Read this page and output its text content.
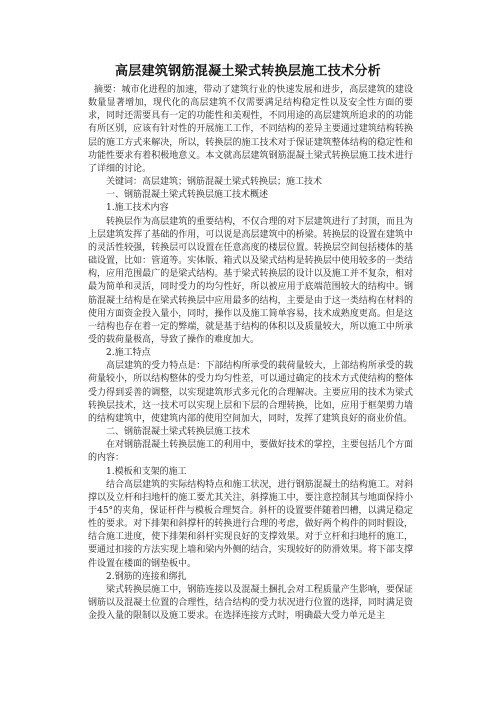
高层建筑钢筋混凝土梁式转换层施工技术分析

摘要：城市化进程的加速，带动了建筑行业的快速发展和进步，高层建筑的建设数量显著增加，现代化的高层建筑不仅需要满足结构稳定性以及安全性方面的要求，同时还需要具有一定的功能性和美观性，不同用途的高层建筑所追求的的功能有所区别，应该有针对性的开展施工工作，不同结构的差异主要通过建筑结构转换层的施工方式来解决，所以，转换层的施工技术对于保证建筑整体结构的稳定性和功能性要求有着积极地意义。本文就高层建筑钢筋混凝土梁式转换层施工技术进行了详细的讨论。

关键词：高层建筑；钢筋混凝土梁式转换层；施工技术

一、钢筋混凝土梁式转换层施工技术概述

1.施工技术内容

转换层作为高层建筑的重要结构，不仅合理的对下层建筑进行了封顶，而且为上层建筑发挥了基础的作用，可以说是高层建筑中的桥梁。转换层的设置在建筑中的灵活性较强，转换层可以设置在任意高度的楼层位置。转换层空间包括楼体的基础设置，比如：管道等。实体版、箱式以及梁式结构是转换层中使用较多的一类结构，应用范围最广的是梁式结构。基于梁式转换层的设计以及施工并不复杂，相对最为简单和灵活，同时受力的均匀性好，所以被应用于底端范围较大的结构中。钢筋混凝土结构是在梁式转换层中应用最多的结构，主要是由于这一类结构在材料的使用方面资金投入量小，同时，操作以及施工简单容易，技术成熟度更高。但是这一结构也存在着一定的弊端，就是基于结构的体积以及质量较大，所以施工中所承受的载荷量极高，导致了操作的难度加大。

2.施工特点

高层建筑的受力特点是：下部结构所承受的载荷量较大，上部结构所承受的载荷量较小，所以结构整体的受力均匀性差，可以通过确定的技术方式使结构的整体受力得到妥善的调整，以实现建筑形式多元化的合理解决。主要应用的技术为梁式转换层技术，这一技术可以实现上层和下层的合理转换，比如，应用于框架剪力墙的结构建筑中，使建筑内部的使用空间加大，同时，发挥了建筑良好的商业价值。

二、钢筋混凝土梁式转换层施工技术

在对钢筋混凝土转换层施工的利用中，要做好技术的掌控，主要包括几个方面的内容：

1.模板和支架的施工

结合高层建筑的实际结构特点和施工状况，进行钢筋混凝土的结构施工。对斜撑以及立杆和扫地杆的施工要尤其关注，斜撑施工中，要注意控制其与地面保持小于45°的夹角，保证杆件与模板合理契合。斜杆的设置要伴随着凹槽，以满足稳定性的要求。对下排架和斜撑杆的转换进行合理的考虑，做好两个构件的同时假设，结合施工进度，使下排架和斜杆实现良好的支撑效果。对于立杆和扫地杆的施工，要通过扣接的方法实现上墙和梁内外侧的结合，实现较好的防滑效果。将下部支撑件设置在楼面的钢垫板中。

2.钢筋的连接和绑扎

梁式转换层施工中，钢筋连接以及混凝土捆扎会对工程质量产生影响，要保证钢筋以及混凝土位置的合理性，结合结构的受力状况进行位置的选择，同时满足资金投入量的限制以及施工要求。在选择连接方式时，明确最大受力单元是主
